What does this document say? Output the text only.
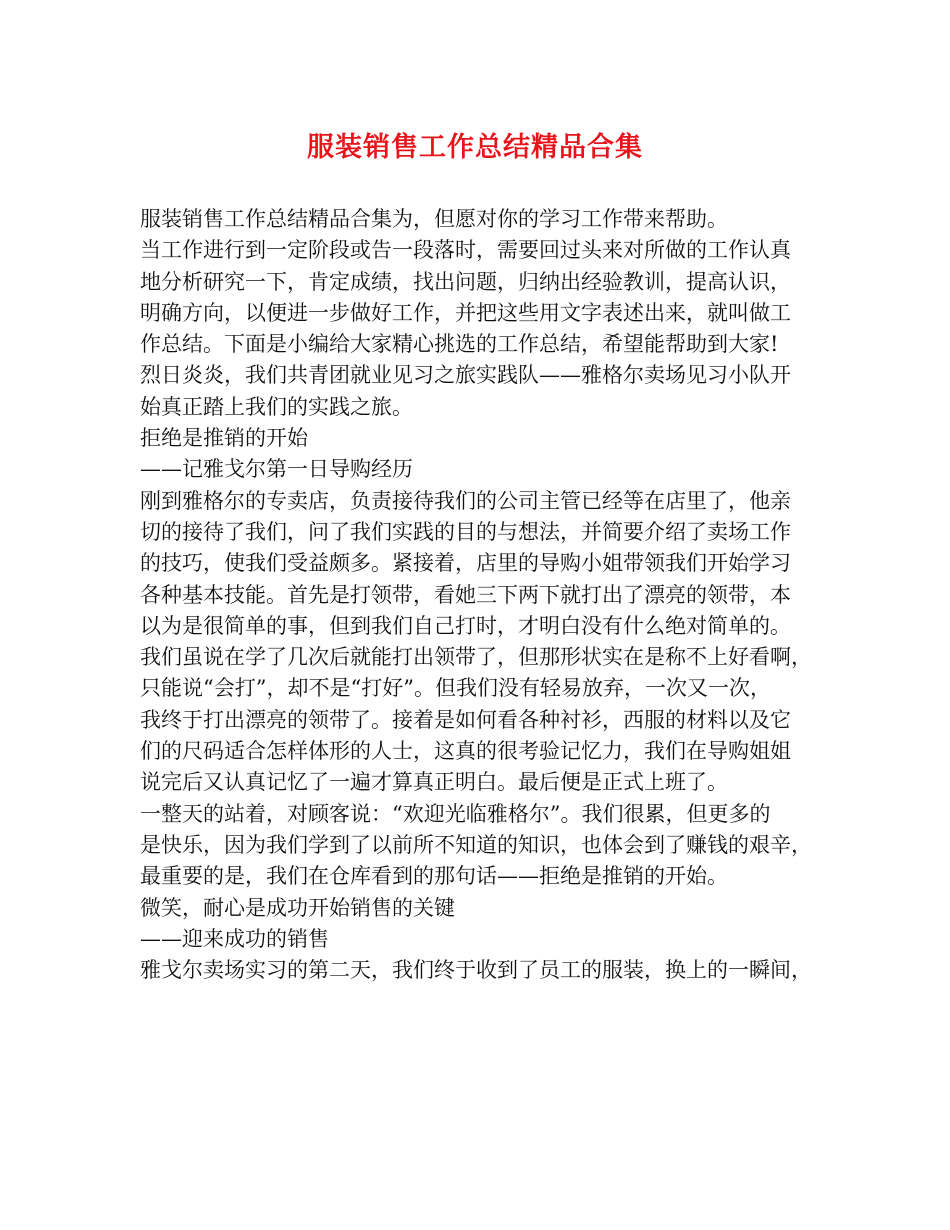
服装销售工作总结精品合集
服装销售工作总结精品合集为，但愿对你的学习工作带来帮助。
当工作进行到一定阶段或告一段落时，需要回过头来对所做的工作认真
地分析研究一下，肯定成绩，找出问题，归纳出经验教训，提高认识，
明确方向，以便进一步做好工作，并把这些用文字表述出来，就叫做工
作总结。下面是小编给大家精心挑选的工作总结，希望能帮助到大家!
烈日炎炎，我们共青团就业见习之旅实践队——雅格尔卖场见习小队开
始真正踏上我们的实践之旅。
拒绝是推销的开始
——记雅戈尔第一日导购经历
刚到雅格尔的专卖店，负责接待我们的公司主管已经等在店里了，他亲
切的接待了我们，问了我们实践的目的与想法，并简要介绍了卖场工作
的技巧，使我们受益颇多。紧接着，店里的导购小姐带领我们开始学习
各种基本技能。首先是打领带，看她三下两下就打出了漂亮的领带，本
以为是很简单的事，但到我们自己打时，才明白没有什么绝对简单的。
我们虽说在学了几次后就能打出领带了，但那形状实在是称不上好看啊，
只能说“会打”，却不是“打好”。但我们没有轻易放弃，一次又一次，
我终于打出漂亮的领带了。接着是如何看各种衬衫，西服的材料以及它
们的尺码适合怎样体形的人士，这真的很考验记忆力，我们在导购姐姐
说完后又认真记忆了一遍才算真正明白。最后便是正式上班了。
一整天的站着，对顾客说：“欢迎光临雅格尔”。我们很累，但更多的
是快乐，因为我们学到了以前所不知道的知识，也体会到了赚钱的艰辛，
最重要的是，我们在仓库看到的那句话——拒绝是推销的开始。
微笑，耐心是成功开始销售的关键
——迎来成功的销售
雅戈尔卖场实习的第二天，我们终于收到了员工的服装，换上的一瞬间，
